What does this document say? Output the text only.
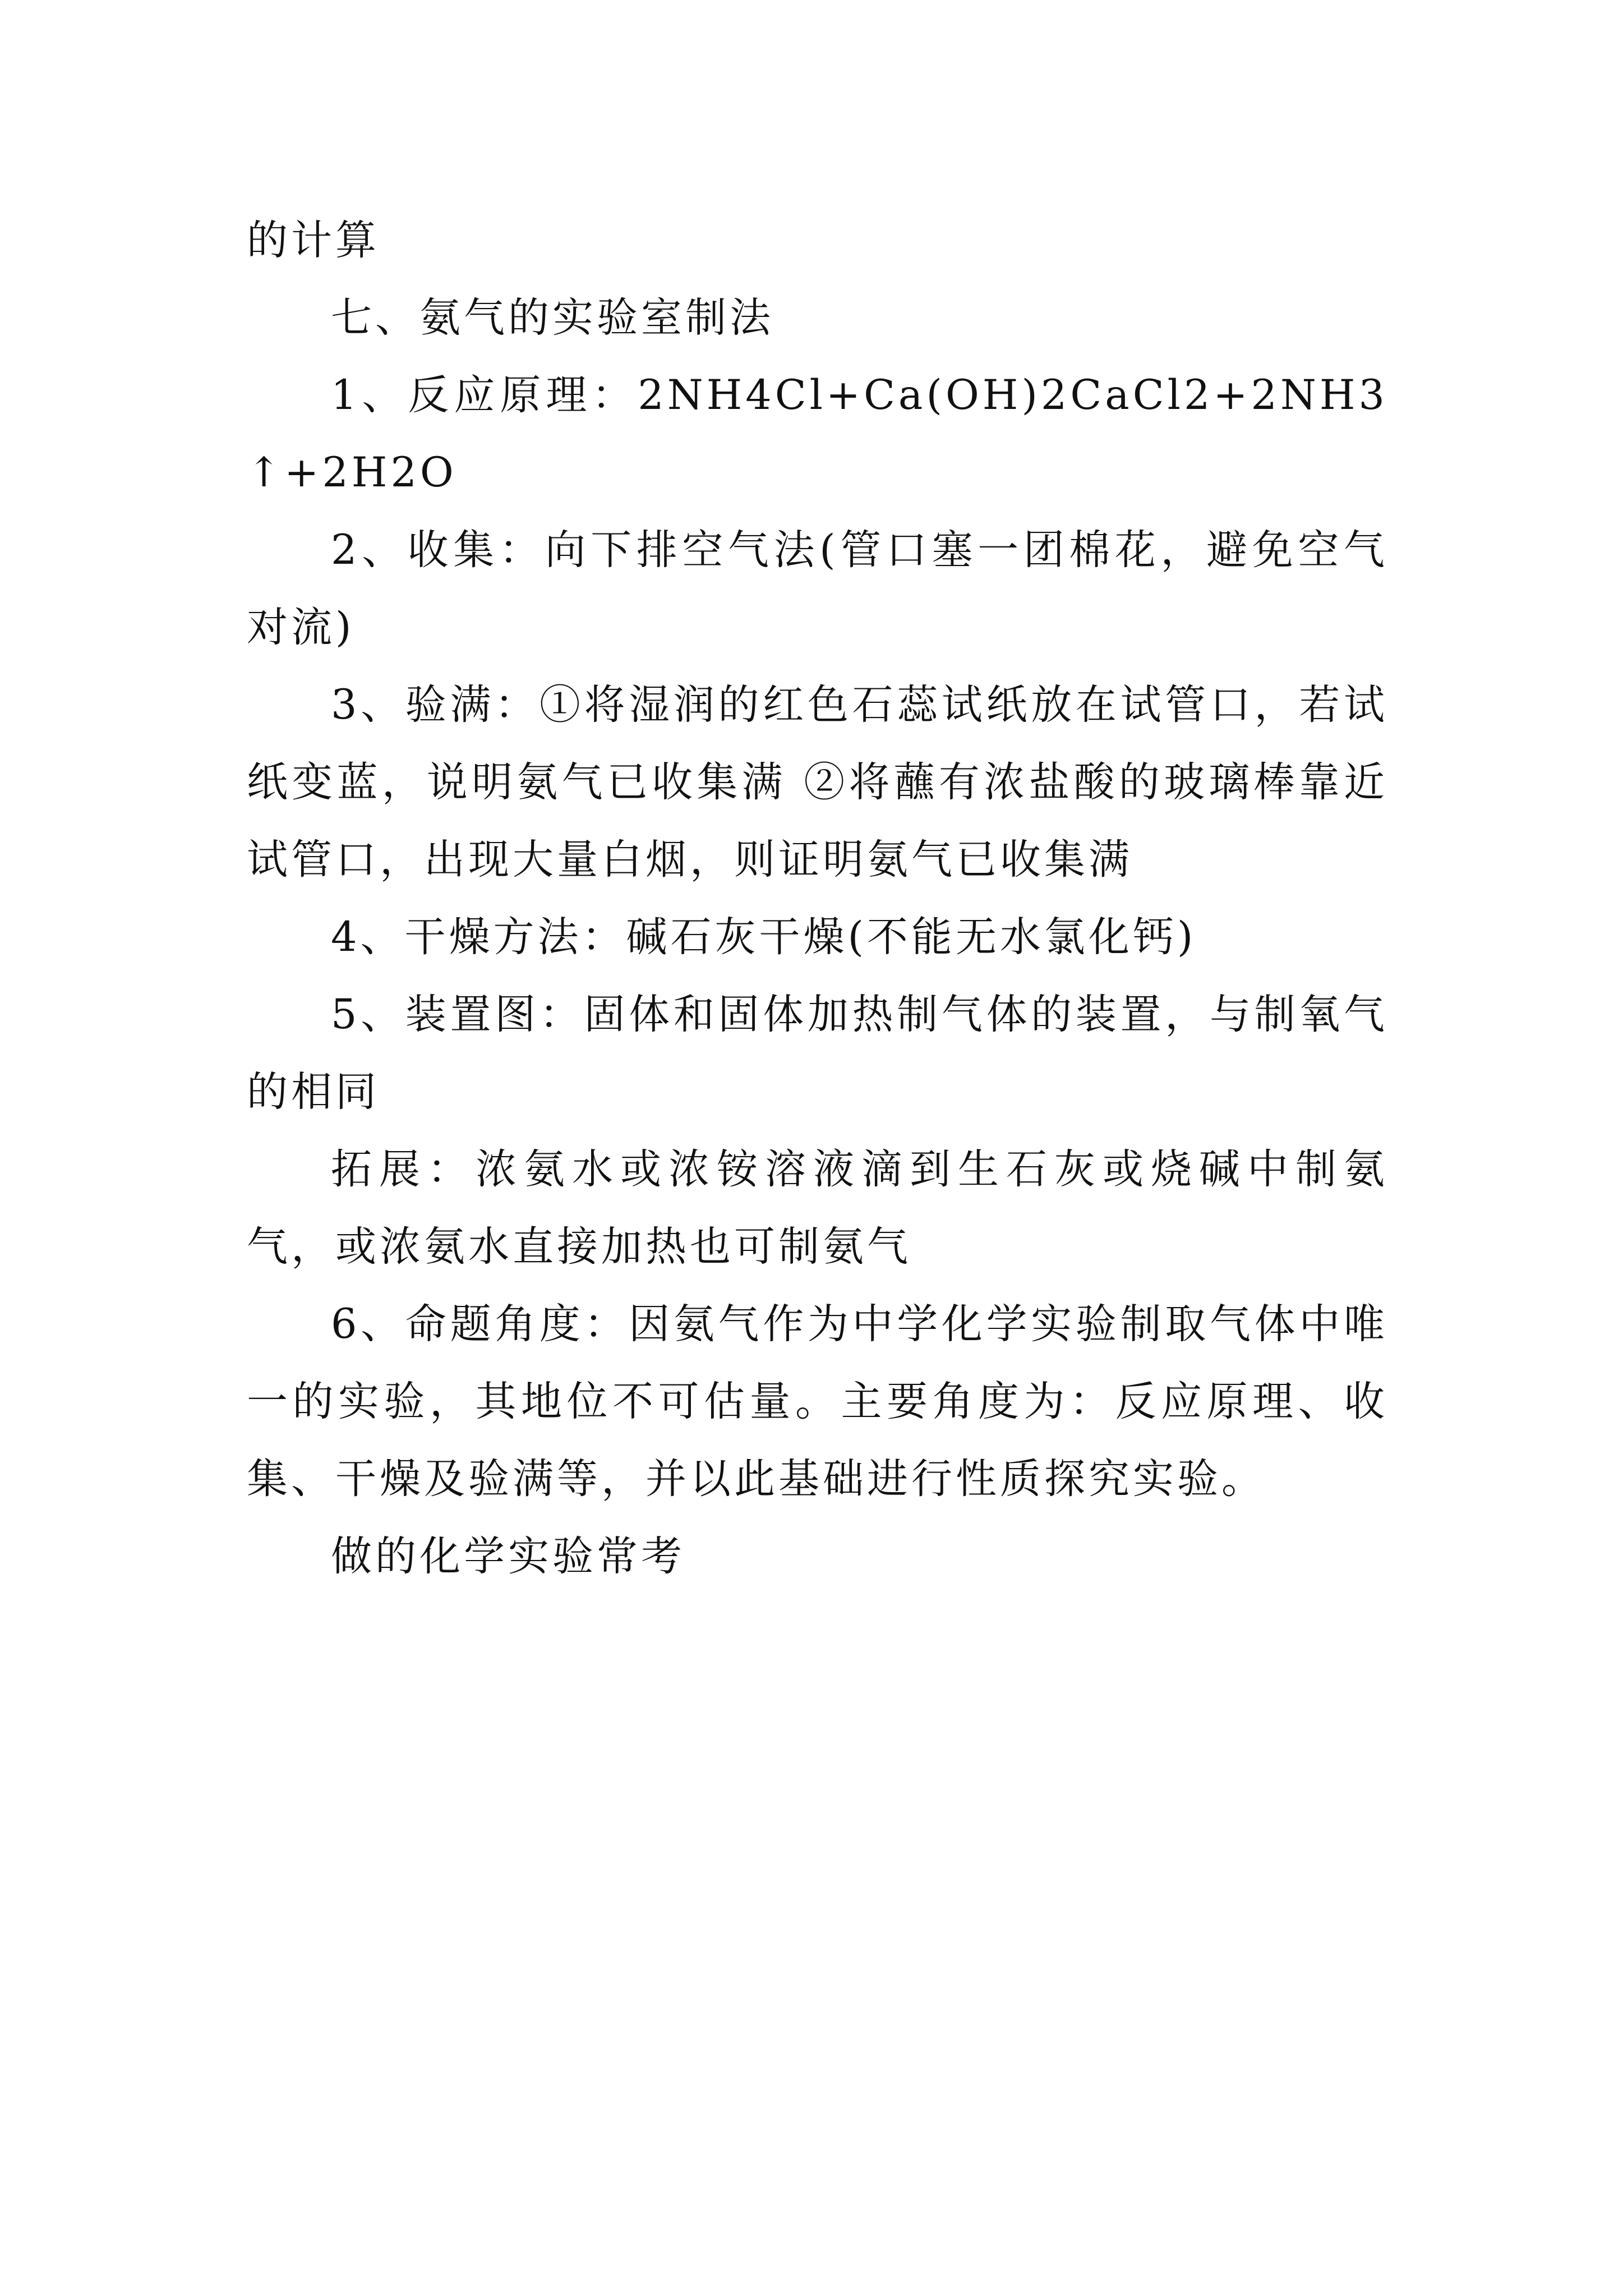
的计算

七、氨气的实验室制法

1、反应原理：2NH4Cl+Ca(OH)2CaCl2+2NH3↑+2H2O

2、收集：向下排空气法(管口塞一团棉花，避免空气对流)

3、验满：①将湿润的红色石蕊试纸放在试管口，若试纸变蓝，说明氨气已收集满 ②将蘸有浓盐酸的玻璃棒靠近试管口，出现大量白烟，则证明氨气已收集满

4、干燥方法：碱石灰干燥(不能无水氯化钙)

5、装置图：固体和固体加热制气体的装置，与制氧气的相同

拓展：浓氨水或浓铵溶液滴到生石灰或烧碱中制氨气，或浓氨水直接加热也可制氨气

6、命题角度：因氨气作为中学化学实验制取气体中唯一的实验，其地位不可估量。主要角度为：反应原理、收集、干燥及验满等，并以此基础进行性质探究实验。

做的化学实验常考
